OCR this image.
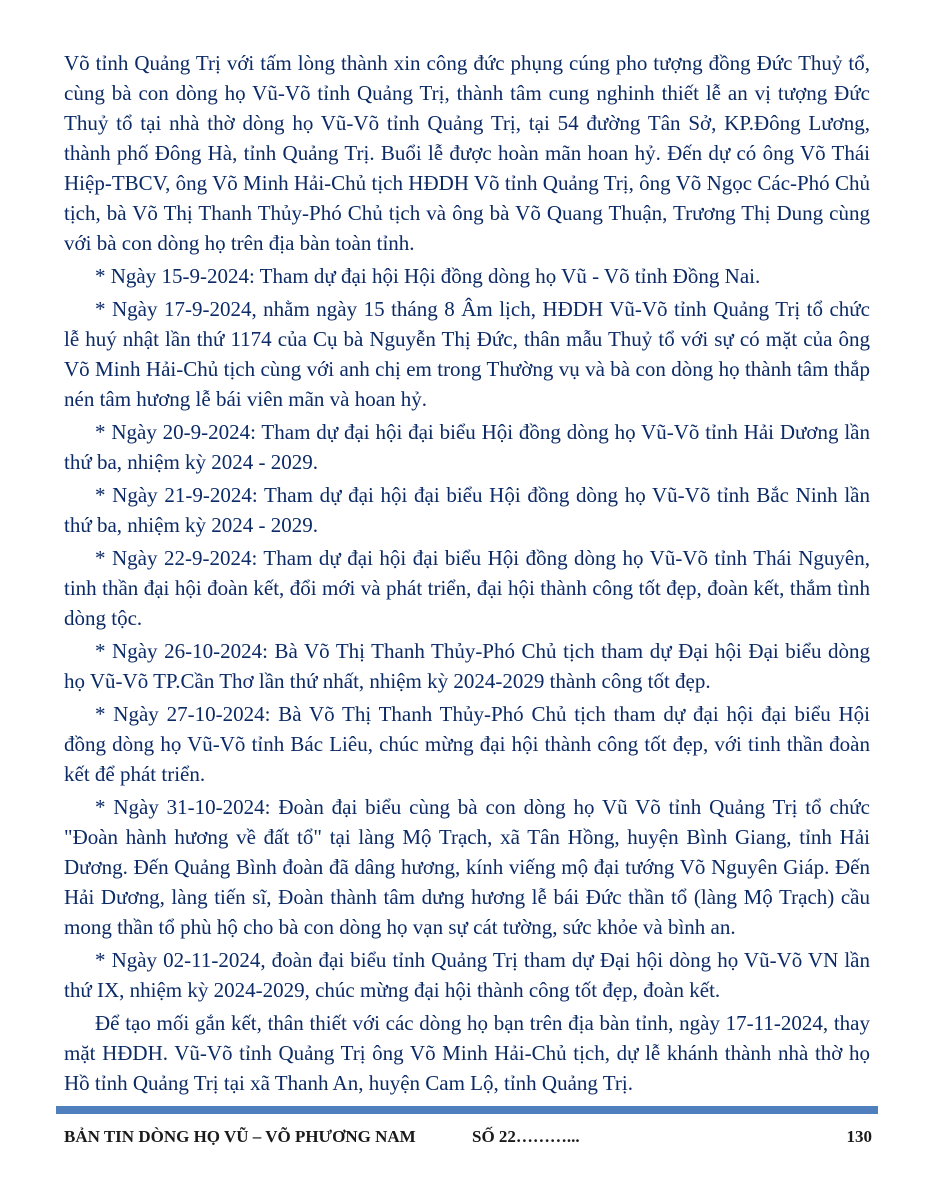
Võ tỉnh Quảng Trị với tấm lòng thành xin công đức phụng cúng pho tượng đồng Đức Thuỷ tổ, cùng bà con dòng họ Vũ-Võ tỉnh Quảng Trị, thành tâm cung nghinh thiết lễ an vị tượng Đức Thuỷ tổ tại nhà thờ dòng họ Vũ-Võ tỉnh Quảng Trị, tại 54 đường Tân Sở, KP.Đông Lương, thành phố Đông Hà, tỉnh Quảng Trị. Buổi lễ được hoàn mãn hoan hỷ. Đến dự có ông Võ Thái Hiệp-TBCV, ông Võ Minh Hải-Chủ tịch HĐDH Võ tỉnh Quảng Trị, ông Võ Ngọc Các-Phó Chủ tịch, bà Võ Thị Thanh Thủy-Phó Chủ tịch và ông bà Võ Quang Thuận, Trương Thị Dung cùng với bà con dòng họ trên địa bàn toàn tỉnh.

* Ngày 15-9-2024: Tham dự đại hội Hội đồng dòng họ Vũ - Võ tỉnh Đồng Nai.

* Ngày 17-9-2024, nhằm ngày 15 tháng 8 Âm lịch, HĐDH Vũ-Võ tỉnh Quảng Trị tổ chức lễ huý nhật lần thứ 1174 của Cụ bà Nguyễn Thị Đức, thân mẫu Thuỷ tổ với sự có mặt của ông Võ Minh Hải-Chủ tịch cùng với anh chị em trong Thường vụ và bà con dòng họ thành tâm thắp nén tâm hương lễ bái viên mãn và hoan hỷ.

* Ngày 20-9-2024: Tham dự đại hội đại biểu Hội đồng dòng họ Vũ-Võ tỉnh Hải Dương lần thứ ba, nhiệm kỳ 2024 - 2029.

* Ngày 21-9-2024: Tham dự đại hội đại biểu Hội đồng dòng họ Vũ-Võ tỉnh Bắc Ninh lần thứ ba, nhiệm kỳ 2024 - 2029.

* Ngày 22-9-2024: Tham dự đại hội đại biểu Hội đồng dòng họ Vũ-Võ tỉnh Thái Nguyên, tinh thần đại hội đoàn kết, đổi mới và phát triển, đại hội thành công tốt đẹp, đoàn kết, thắm tình dòng tộc.

* Ngày 26-10-2024: Bà Võ Thị Thanh Thủy-Phó Chủ tịch tham dự Đại hội Đại biểu dòng họ Vũ-Võ TP.Cần Thơ lần thứ nhất, nhiệm kỳ 2024-2029 thành công tốt đẹp.

* Ngày 27-10-2024: Bà Võ Thị Thanh Thủy-Phó Chủ tịch tham dự đại hội đại biểu Hội đồng dòng họ Vũ-Võ tỉnh Bác Liêu, chúc mừng đại hội thành công tốt đẹp, với tinh thần đoàn kết để phát triển.

* Ngày 31-10-2024: Đoàn đại biểu cùng bà con dòng họ Vũ Võ tỉnh Quảng Trị tổ chức "Đoàn hành hương về đất tổ" tại làng Mộ Trạch, xã Tân Hồng, huyện Bình Giang, tỉnh Hải Dương. Đến Quảng Bình đoàn đã dâng hương, kính viếng mộ đại tướng Võ Nguyên Giáp. Đến Hải Dương, làng tiến sĩ, Đoàn thành tâm dưng hương lễ bái Đức thần tổ (làng Mộ Trạch) cầu mong thần tổ phù hộ cho bà con dòng họ vạn sự cát tường, sức khỏe và bình an.

* Ngày 02-11-2024, đoàn đại biểu tỉnh Quảng Trị tham dự Đại hội dòng họ Vũ-Võ VN lần thứ IX, nhiệm kỳ 2024-2029, chúc mừng đại hội thành công tốt đẹp, đoàn kết.

Để tạo mối gắn kết, thân thiết với các dòng họ bạn trên địa bàn tỉnh, ngày 17-11-2024, thay mặt HĐDH. Vũ-Võ tỉnh Quảng Trị ông Võ Minh Hải-Chủ tịch, dự lễ khánh thành nhà thờ họ Hồ tỉnh Quảng Trị tại xã Thanh An, huyện Cam Lộ, tỉnh Quảng Trị.

BẢN TIN DÒNG HỌ VŨ – VÕ PHƯƠNG NAM	SỐ 22………...	130
